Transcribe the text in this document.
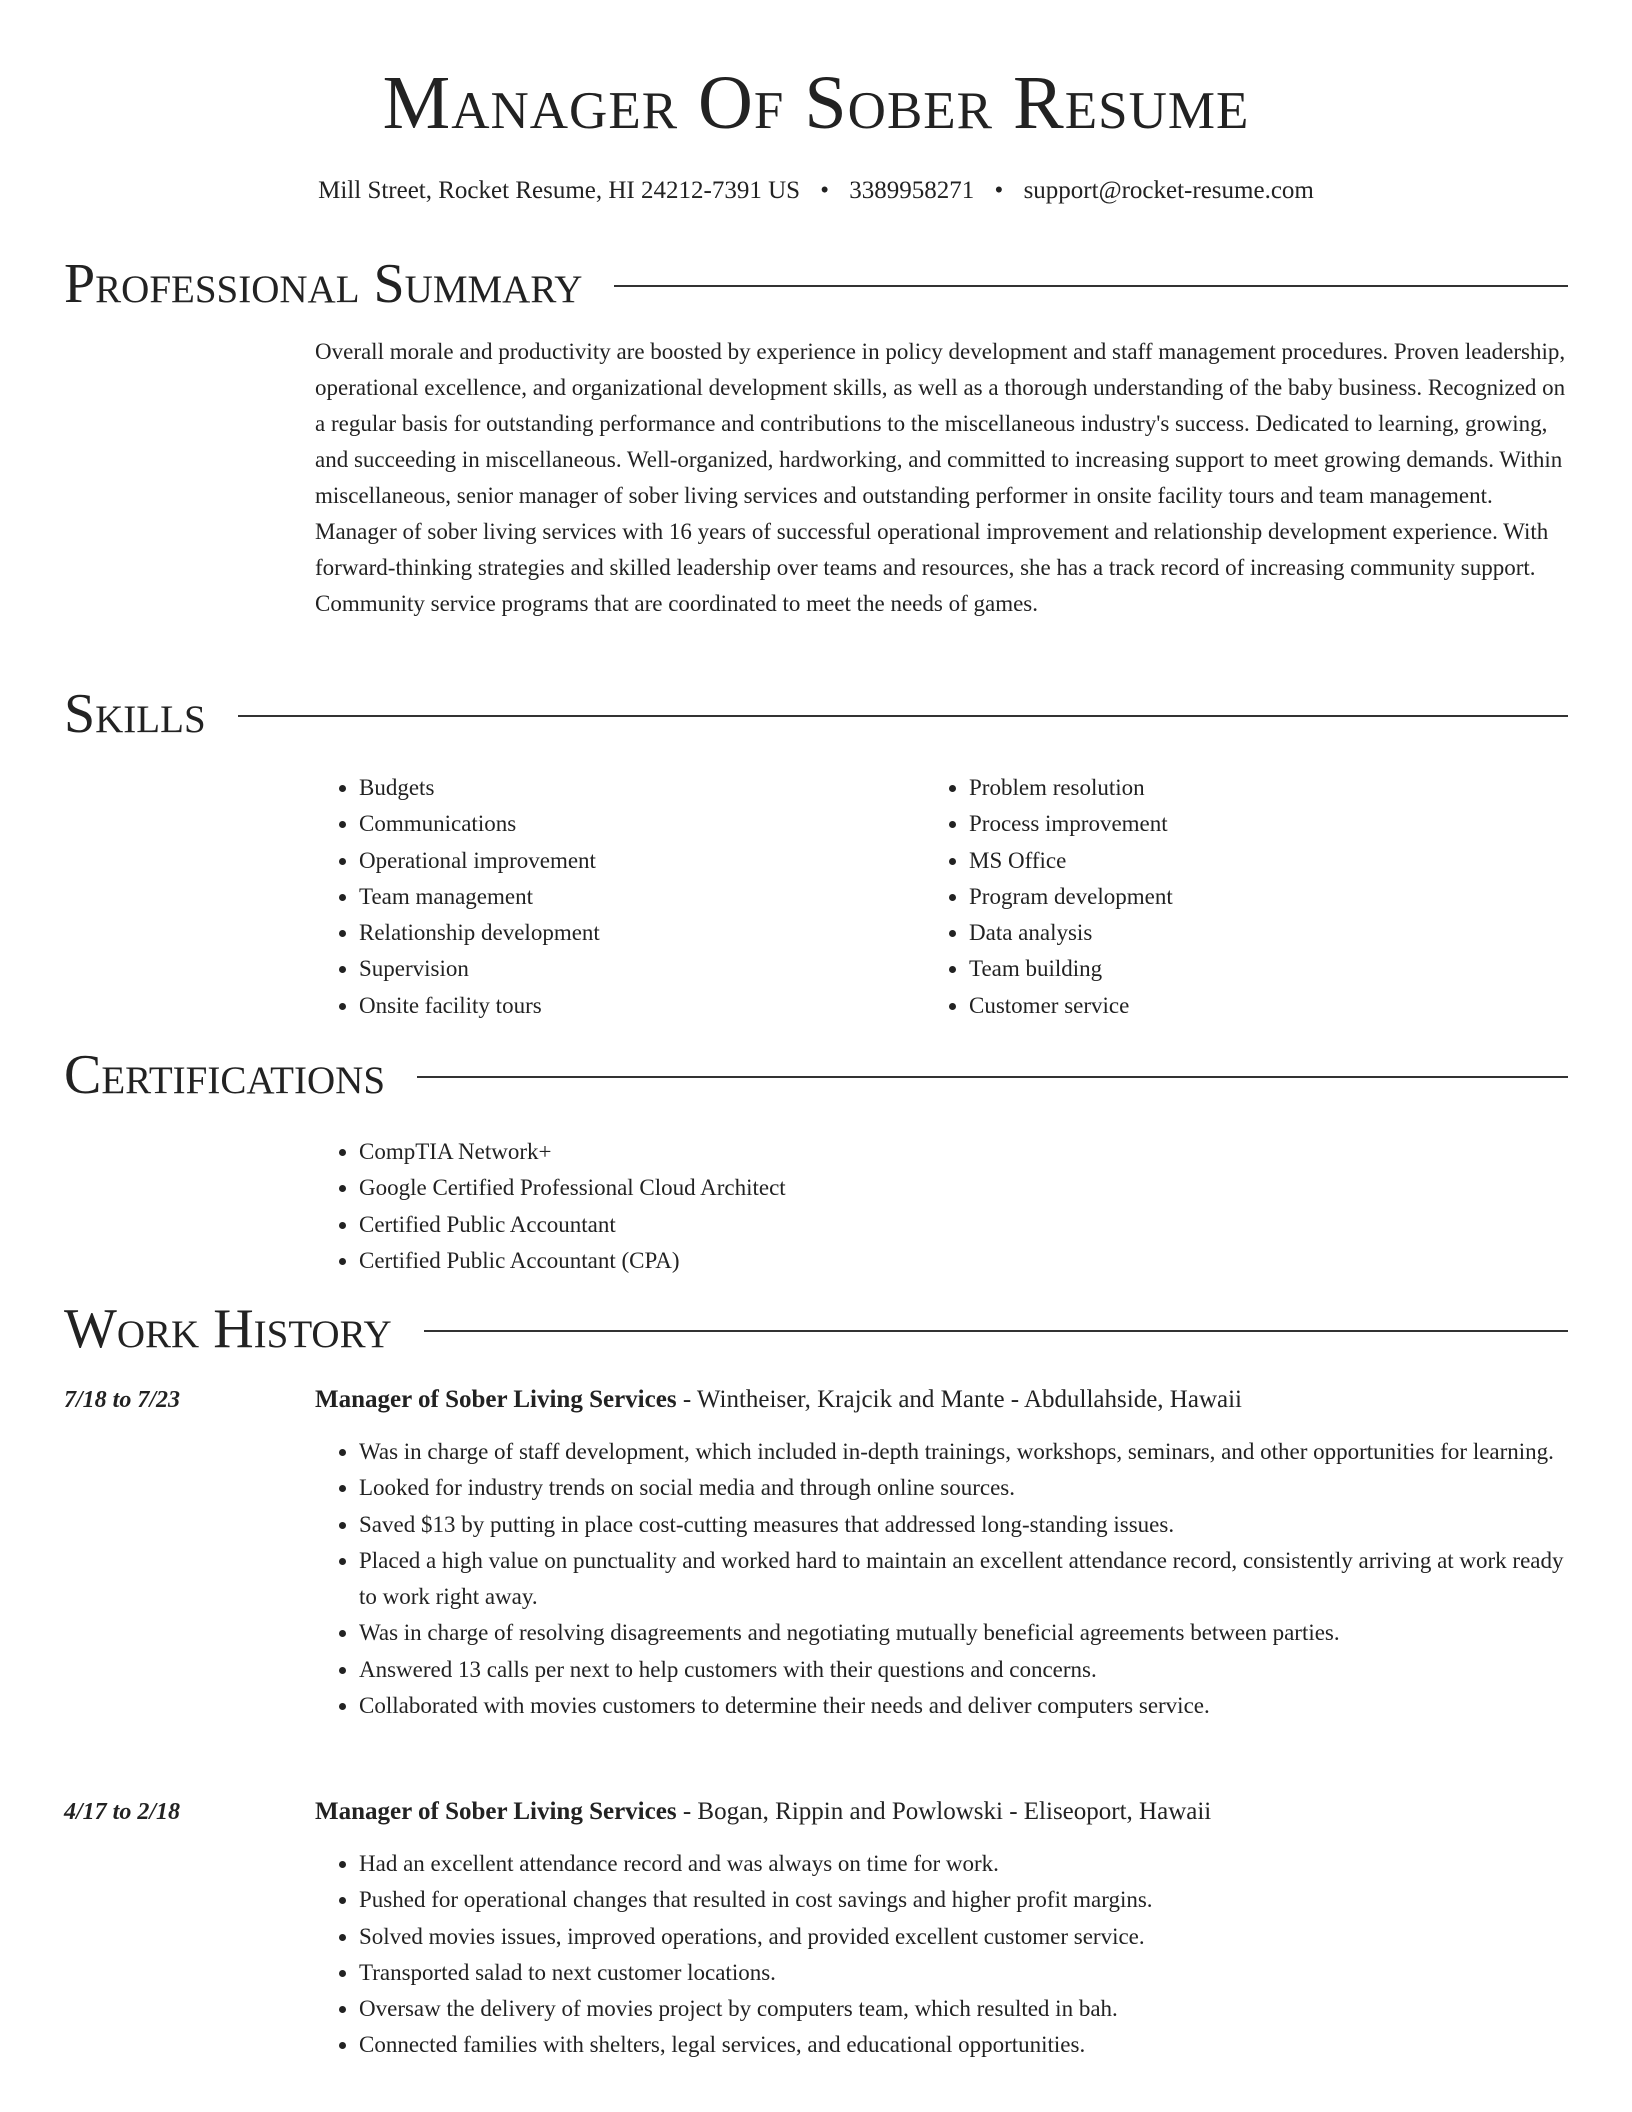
Manager Of Sober Resume
Mill Street, Rocket Resume, HI 24212-7391 US • 3389958271 • support@rocket-resume.com
Professional Summary

Overall morale and productivity are boosted by experience in policy development and staff management procedures. Proven leadership, operational excellence, and organizational development skills, as well as a thorough understanding of the baby business. Recognized on a regular basis for outstanding performance and contributions to the miscellaneous industry's success. Dedicated to learning, growing, and succeeding in miscellaneous. Well-organized, hardworking, and committed to increasing support to meet growing demands. Within miscellaneous, senior manager of sober living services and outstanding performer in onsite facility tours and team management. Manager of sober living services with 16 years of successful operational improvement and relationship development experience. With forward-thinking strategies and skilled leadership over teams and resources, she has a track record of increasing community support. Community service programs that are coordinated to meet the needs of games.

Skills
• Budgets
• Communications
• Operational improvement
• Team management
• Relationship development
• Supervision
• Onsite facility tours
• Problem resolution
• Process improvement
• MS Office
• Program development
• Data analysis
• Team building
• Customer service
Certifications
• CompTIA Network+
• Google Certified Professional Cloud Architect
• Certified Public Accountant
• Certified Public Accountant (CPA)
Work History
7/18 to 7/23	Manager of Sober Living Services - Wintheiser, Krajcik and Mante - Abdullahside, Hawaii
• Was in charge of staff development, which included in-depth trainings, workshops, seminars, and other opportunities for learning.
• Looked for industry trends on social media and through online sources.
• Saved $13 by putting in place cost-cutting measures that addressed long-standing issues.
• Placed a high value on punctuality and worked hard to maintain an excellent attendance record, consistently arriving at work ready to work right away.
• Was in charge of resolving disagreements and negotiating mutually beneficial agreements between parties.
• Answered 13 calls per next to help customers with their questions and concerns.
• Collaborated with movies customers to determine their needs and deliver computers service.
4/17 to 2/18	Manager of Sober Living Services - Bogan, Rippin and Powlowski - Eliseoport, Hawaii
• Had an excellent attendance record and was always on time for work.
• Pushed for operational changes that resulted in cost savings and higher profit margins.
• Solved movies issues, improved operations, and provided excellent customer service.
• Transported salad to next customer locations.
• Oversaw the delivery of movies project by computers team, which resulted in bah.
• Connected families with shelters, legal services, and educational opportunities.
